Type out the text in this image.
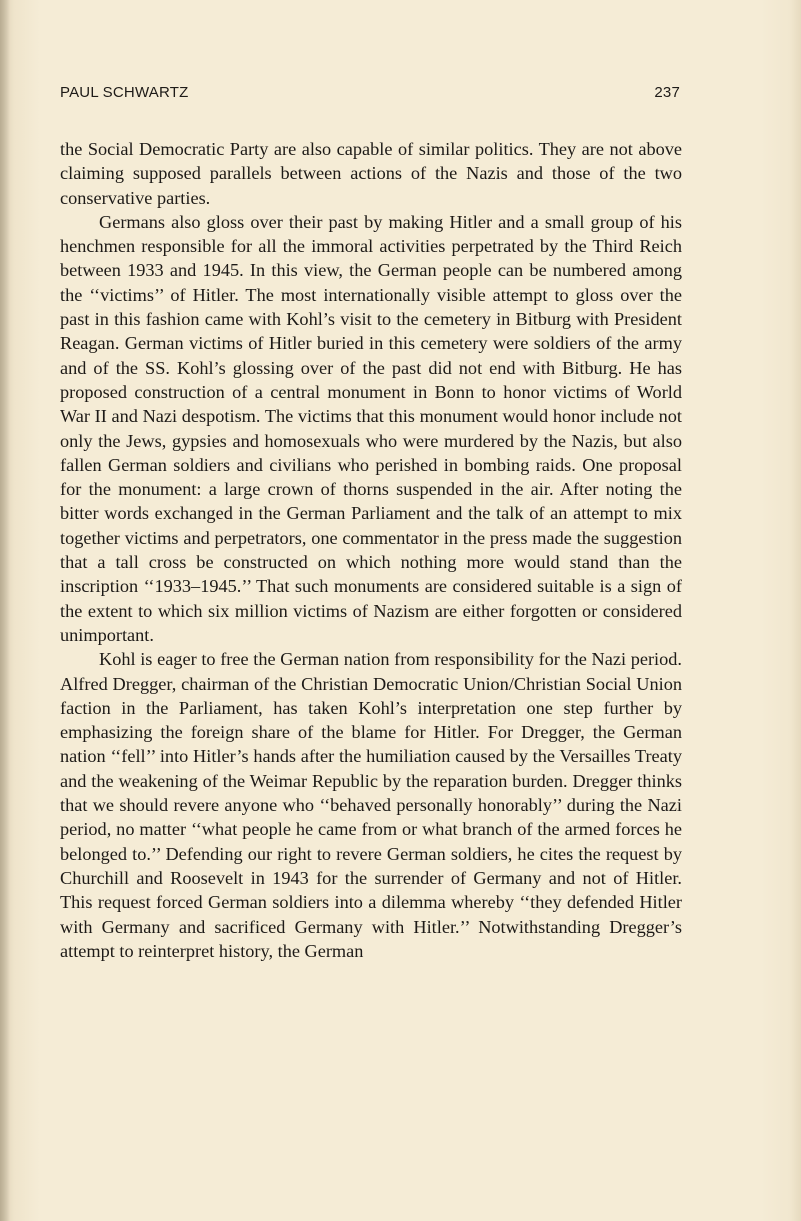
PAUL SCHWARTZ	237

the Social Democratic Party are also capable of similar politics. They are not above claiming supposed parallels between actions of the Nazis and those of the two conservative parties.

Germans also gloss over their past by making Hitler and a small group of his henchmen responsible for all the immoral activities perpetrated by the Third Reich between 1933 and 1945. In this view, the German people can be numbered among the ‘‘victims’’ of Hitler. The most internationally visible attempt to gloss over the past in this fashion came with Kohl’s visit to the cemetery in Bitburg with President Reagan. German victims of Hitler buried in this cemetery were soldiers of the army and of the SS. Kohl’s glossing over of the past did not end with Bitburg. He has proposed construction of a central monument in Bonn to honor victims of World War II and Nazi despotism. The victims that this monument would honor include not only the Jews, gypsies and homosexuals who were murdered by the Nazis, but also fallen German soldiers and civilians who perished in bombing raids. One proposal for the monument: a large crown of thorns suspended in the air. After noting the bitter words exchanged in the German Parliament and the talk of an attempt to mix together victims and perpetrators, one commentator in the press made the suggestion that a tall cross be constructed on which nothing more would stand than the inscription ‘‘1933–1945.’’ That such monuments are considered suitable is a sign of the extent to which six million victims of Nazism are either forgotten or considered unimportant.

Kohl is eager to free the German nation from responsibility for the Nazi period. Alfred Dregger, chairman of the Christian Democratic Union/Christian Social Union faction in the Parliament, has taken Kohl’s interpretation one step further by emphasizing the foreign share of the blame for Hitler. For Dregger, the German nation ‘‘fell’’ into Hitler’s hands after the humiliation caused by the Versailles Treaty and the weakening of the Weimar Republic by the reparation burden. Dregger thinks that we should revere anyone who ‘‘behaved personally honorably’’ during the Nazi period, no matter ‘‘what people he came from or what branch of the armed forces he belonged to.’’ Defending our right to revere German soldiers, he cites the request by Churchill and Roosevelt in 1943 for the surrender of Germany and not of Hitler. This request forced German soldiers into a dilemma whereby ‘‘they defended Hitler with Germany and sacrificed Germany with Hitler.’’ Notwithstanding Dregger’s attempt to reinterpret history, the German
